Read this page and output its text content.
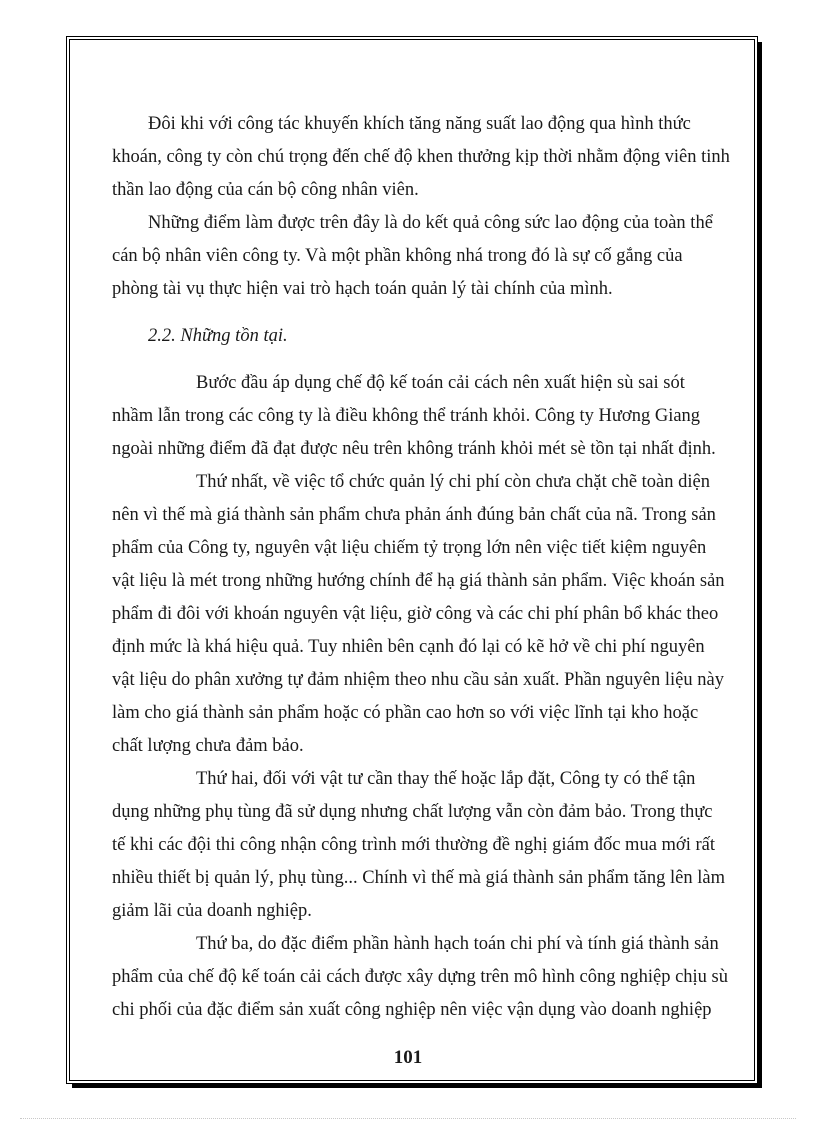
Đôi khi với công tác khuyến khích tăng năng suất lao động qua hình thức
khoán, công ty còn chú trọng đến chế độ khen thưởng kịp thời nhằm động viên tinh
thần lao động của cán bộ công nhân viên.
Những điểm làm được trên đây là do kết quả công sức lao động của toàn thể
cán bộ nhân viên công ty. Và một phần không nhá trong đó là sự cố gắng của
phòng tài vụ thực hiện vai trò hạch toán quản lý tài chính của mình.
2.2. Những tồn tại.
Bước đầu áp dụng chế độ kế toán cải cách nên xuất hiện sù sai sót
nhầm lẫn trong các công ty là điều không thể tránh khỏi. Công ty Hương Giang
ngoài những điểm đã đạt được nêu trên không tránh khỏi mét sè tồn tại nhất định.
Thứ nhất, về việc tổ chức quản lý chi phí còn chưa chặt chẽ toàn diện
nên vì thế mà giá thành sản phẩm chưa phản ánh đúng bản chất của nã. Trong sản
phẩm của Công ty, nguyên vật liệu chiếm tỷ trọng lớn nên việc tiết kiệm nguyên
vật liệu là mét trong những hướng chính để hạ giá thành sản phẩm. Việc khoán sản
phẩm đi đôi với khoán nguyên vật liệu, giờ công và các chi phí phân bổ khác theo
định mức là khá hiệu quả. Tuy nhiên bên cạnh đó lại có kẽ hở về chi phí nguyên
vật liệu do phân xưởng tự đảm nhiệm theo nhu cầu sản xuất. Phần nguyên liệu này
làm cho giá thành sản phẩm hoặc có phần cao hơn so với việc lĩnh tại kho hoặc
chất lượng chưa đảm bảo.
Thứ hai, đối với vật tư cần thay thế hoặc lắp đặt, Công ty có thể tận
dụng những phụ tùng đã sử dụng nhưng chất lượng vẫn còn đảm bảo. Trong thực
tế khi các đội thi công nhận công trình mới thường đề nghị giám đốc mua mới rất
nhiều thiết bị quản lý, phụ tùng... Chính vì thế mà giá thành sản phẩm tăng lên làm
giảm lãi của doanh nghiệp.
Thứ ba, do đặc điểm phần hành hạch toán chi phí và tính giá thành sản
phẩm của chế độ kế toán cải cách được xây dựng trên mô hình công nghiệp chịu sù
chi phối của đặc điểm sản xuất công nghiệp nên việc vận dụng vào doanh nghiệp
101
